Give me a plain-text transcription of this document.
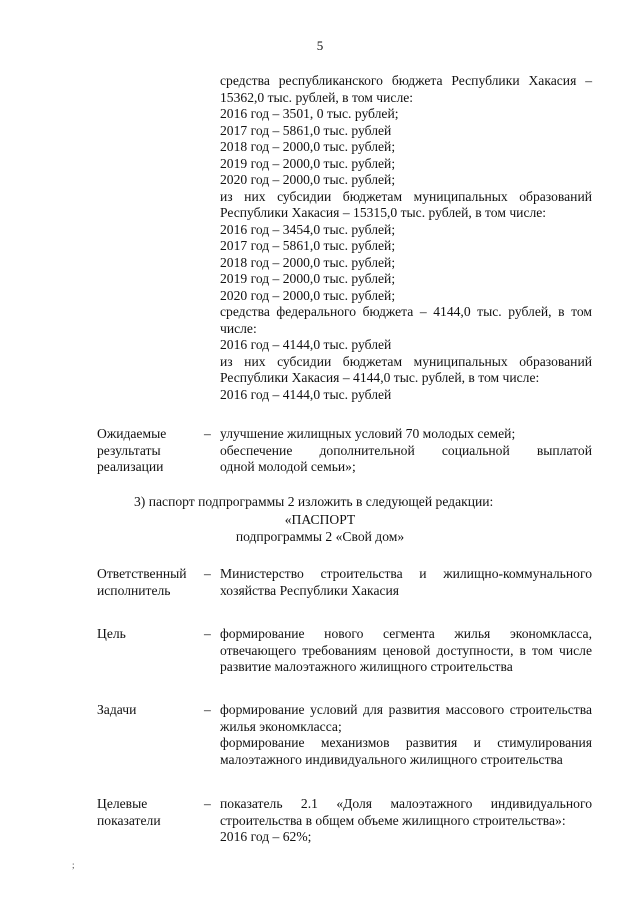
5
средства республиканского бюджета Республики Хакасия –
15362,0 тыс. рублей, в том числе:
2016 год – 3501, 0 тыс. рублей;
2017 год – 5861,0 тыс. рублей
2018 год – 2000,0 тыс. рублей;
2019 год – 2000,0 тыс. рублей;
2020 год – 2000,0 тыс. рублей;
из них субсидии бюджетам муниципальных образований
Республики Хакасия – 15315,0 тыс. рублей, в том числе:
2016 год – 3454,0 тыс. рублей;
2017 год – 5861,0 тыс. рублей;
2018 год – 2000,0 тыс. рублей;
2019 год – 2000,0 тыс. рублей;
2020 год – 2000,0 тыс. рублей;
средства федерального бюджета – 4144,0 тыс. рублей, в том
числе:
2016 год – 4144,0 тыс. рублей
из них субсидии бюджетам муниципальных образований
Республики Хакасия – 4144,0 тыс. рублей, в том числе:
2016 год – 4144,0 тыс. рублей
Ожидаемые
результаты
реализации
– улучшение жилищных условий 70 молодых семей;
обеспечение дополнительной социальной выплатой
одной молодой семьи»;
3) паспорт подпрограммы 2 изложить в следующей редакции:
«ПАСПОРТ
подпрограммы 2 «Свой дом»
Ответственный
исполнитель
– Министерство строительства и жилищно-коммунального
хозяйства Республики Хакасия
Цель	– формирование нового сегмента жилья экономкласса,
отвечающего требованиям ценовой доступности, в том числе
развитие малоэтажного жилищного строительства
Задачи	– формирование условий для развития массового строительства
жилья экономкласса;
формирование механизмов развития и стимулирования
малоэтажного индивидуального жилищного строительства
Целевые
показатели
– показатель 2.1 «Доля малоэтажного индивидуального
строительства в общем объеме жилищного строительства»:
2016 год – 62%;
;
